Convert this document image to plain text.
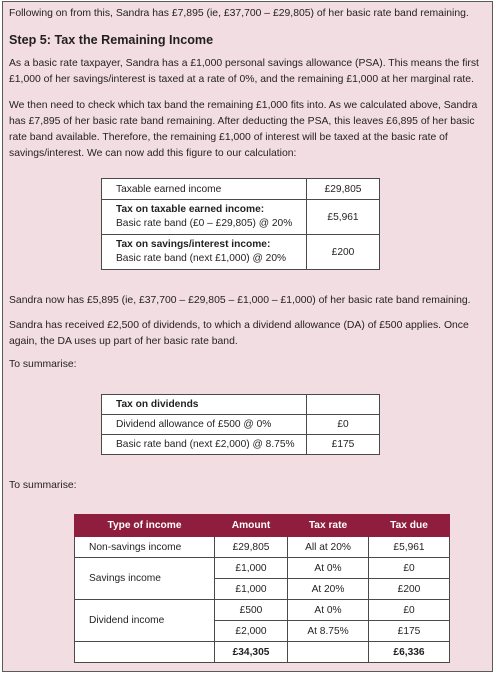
Following on from this, Sandra has £7,895 (ie, £37,700 – £29,805) of her basic rate band remaining.

Step 5: Tax the Remaining Income

As a basic rate taxpayer, Sandra has a £1,000 personal savings allowance (PSA). This means the first £1,000 of her savings/interest is taxed at a rate of 0%, and the remaining £1,000 at her marginal rate.

We then need to check which tax band the remaining £1,000 fits into. As we calculated above, Sandra has £7,895 of her basic rate band remaining. After deducting the PSA, this leaves £6,895 of her basic rate band available. Therefore, the remaining £1,000 of interest will be taxed at the basic rate of savings/interest. We can now add this figure to our calculation:

Taxable earned income	£29,805
Tax on taxable earned income:
Basic rate band (£0 – £29,805) @ 20%	£5,961
Tax on savings/interest income:
Basic rate band (next £1,000) @ 20%	£200

Sandra now has £5,895 (ie, £37,700 – £29,805 – £1,000 – £1,000) of her basic rate band remaining.

Sandra has received £2,500 of dividends, to which a dividend allowance (DA) of £500 applies. Once again, the DA uses up part of her basic rate band.

To summarise:

Tax on dividends	
Dividend allowance of £500 @ 0%	£0
Basic rate band (next £2,000) @ 8.75%	£175

To summarise:

Type of income	Amount	Tax rate	Tax due
Non-savings income	£29,805	All at 20%	£5,961
Savings income	£1,000	At 0%	£0
	£1,000	At 20%	£200
Dividend income	£500	At 0%	£0
	£2,000	At 8.75%	£175
	£34,305		£6,336
